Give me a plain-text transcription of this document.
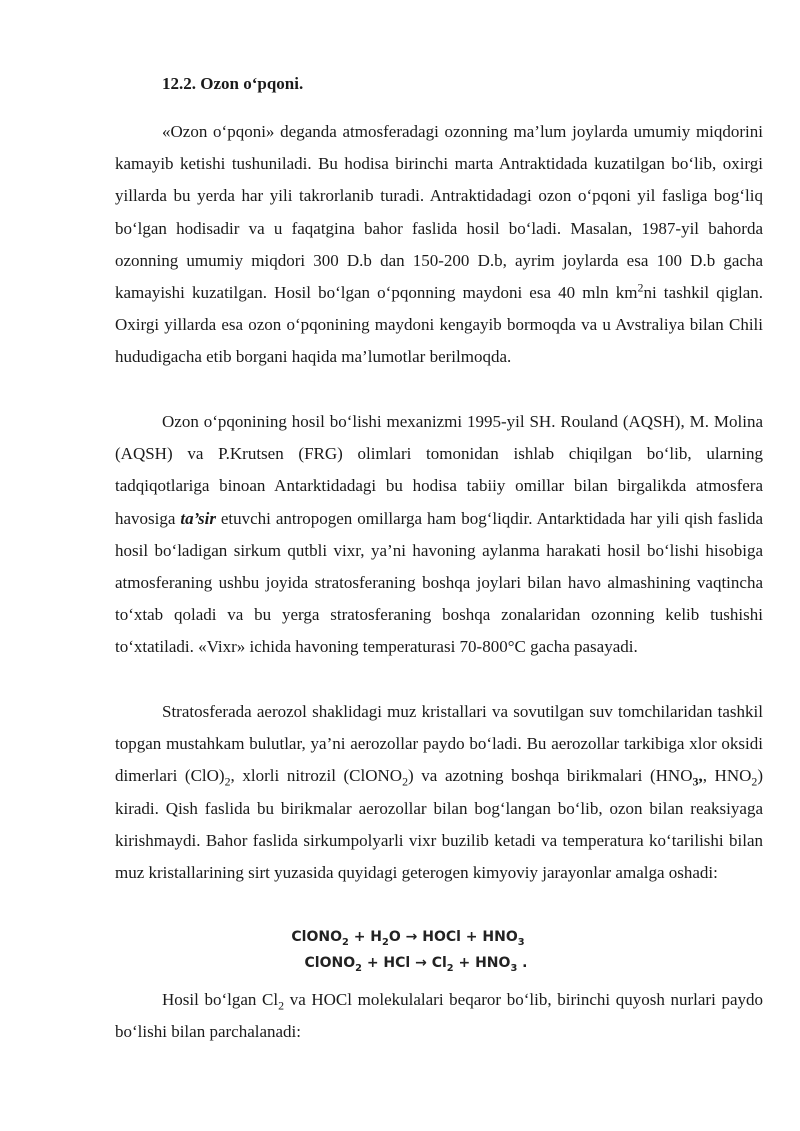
12.2. Ozon o‘pqoni.

«Ozon o‘pqoni» deganda atmosferadagi ozonning ma’lum joylarda umumiy miqdorini kamayib ketishi tushuniladi. Bu hodisa birinchi marta Antraktidada kuzatilgan bo‘lib, oxirgi yillarda bu yerda har yili takrorlanib turadi. Antraktidadagi ozon o‘pqoni yil fasliga bog‘liq bo‘lgan hodisadir va u faqatgina bahor faslida hosil bo‘ladi. Masalan, 1987-yil bahorda ozonning umumiy miqdori 300 D.b dan 150-200 D.b, ayrim joylarda esa 100 D.b gacha kamayishi kuzatilgan. Hosil bo‘lgan o‘pqonning maydoni esa 40 mln $km^2ni$ tashkil qiglan. Oxirgi yillarda esa ozon o‘pqonining maydoni kengayib bormoqda va u Avstraliya bilan Chili hududigacha etib borgani haqida ma’lumotlar berilmoqda.

Ozon o‘pqonining hosil bo‘lishi mexanizmi 1995-yil SH. Rouland (AQSH), M. Molina (AQSH) va P.Krutsen (FRG) olimlari tomonidan ishlab chiqilgan bo‘lib, ularning tadqiqotlariga binoan Antarktidadagi bu hodisa tabiiy omillar bilan birgalikda atmosfera havosiga ta’sir etuvchi antropogen omillarga ham bog‘liqdir. Antarktidada har yili qish faslida hosil bo‘ladigan sirkum qutbli vixr, ya’ni havoning aylanma harakati hosil bo‘lishi hisobiga atmosferaning ushbu joyida stratosferaning boshqa joylari bilan havo almashining vaqtincha to‘xtab qoladi va bu yerga stratosferaning boshqa zonalaridan ozonning kelib tushishi to‘xtatiladi. «Vixr» ichida havoning temperaturasi 70-800°C gacha pasayadi.

Stratosferada aerozol shaklidagi muz kristallari va sovutilgan suv tomchilaridan tashkil topgan mustahkam bulutlar, ya’ni aerozollar paydo bo‘ladi. Bu aerozollar tarkibiga xlor oksidi dimerlari $(ClO)_2$, xlorli nitrozil (ClONO$_2$) va azotning boshqa birikmalari ($HNO_3$,, $HNO_2$) kiradi. Qish faslida bu birikmalar aerozollar bilan bog‘langan bo‘lib, ozon bilan reaksiyaga kirishmaydi. Bahor faslida sirkumpolyarli vixr buzilib ketadi va temperatura ko‘tarilishi bilan muz kristallarining sirt yuzasida quyidagi geterogen kimyoviy jarayonlar amalga oshadi:

ClONO$_2$ + $H_2O$ → HOCl + $HNO_3$

ClONO$_2$ + HCl → $Cl_2 + HNO_3$ .

Hosil bo‘lgan $Cl_2$ va HOCl molekulalari beqaror bo‘lib, birinchi quyosh nurlari paydo bo‘lishi bilan parchalanadi:
